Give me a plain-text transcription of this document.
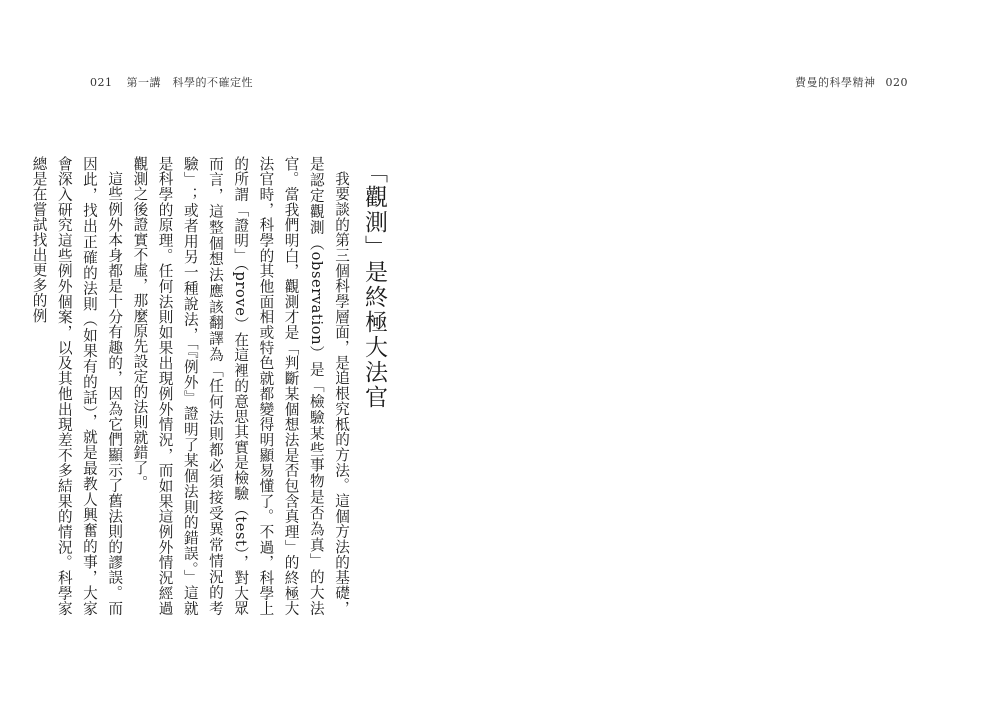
021 第一講　科學的不確定性	費曼的科學精神 020
「觀測」是終極大法官

我要談的第三個科學層面，是追根究柢的方法。這個方法的基礎，是認定觀測（observation）是「檢驗某些事物是否為真」的大法官。當我們明白，觀測才是「判斷某個想法是否包含真理」的終極大法官時，科學的其他面相或特色就都變得明顯易懂了。不過，科學上的所謂「證明」（prove）在這裡的意思其實是檢驗（test），對大眾而言，這整個想法應該翻譯為「任何法則都必須接受異常情況的考驗」；或者用另一種說法，「『例外』證明了某個法則的錯誤。」這就是科學的原理。任何法則如果出現例外情況，而如果這例外情況經過觀測之後證實不虛，那麼原先設定的法則就錯了。

這些例外本身都是十分有趣的，因為它們顯示了舊法則的謬誤。而因此，找出正確的法則（如果有的話），就是最教人興奮的事，大家會深入研究這些例外個案，以及其他出現差不多結果的情況。科學家總是在嘗試找出更多的例
